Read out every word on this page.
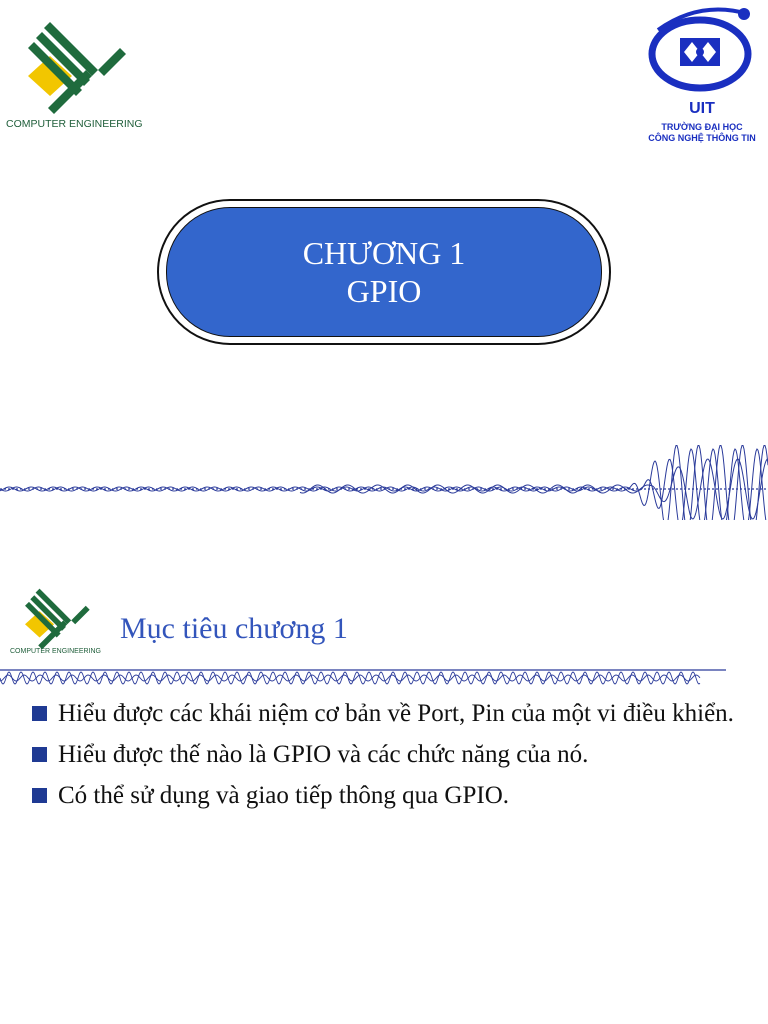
COMPUTER ENGINEERING
UIT
TRƯỜNG ĐẠI HỌC
CÔNG NGHỆ THÔNG TIN
CHƯƠNG 1
GPIO
COMPUTER ENGINEERING
Mục tiêu chương 1
Hiểu được các khái niệm cơ bản về Port, Pin của một vi điều khiển.
Hiểu được thế nào là GPIO và các chức năng của nó.
Có thể sử dụng và giao tiếp thông qua GPIO.
